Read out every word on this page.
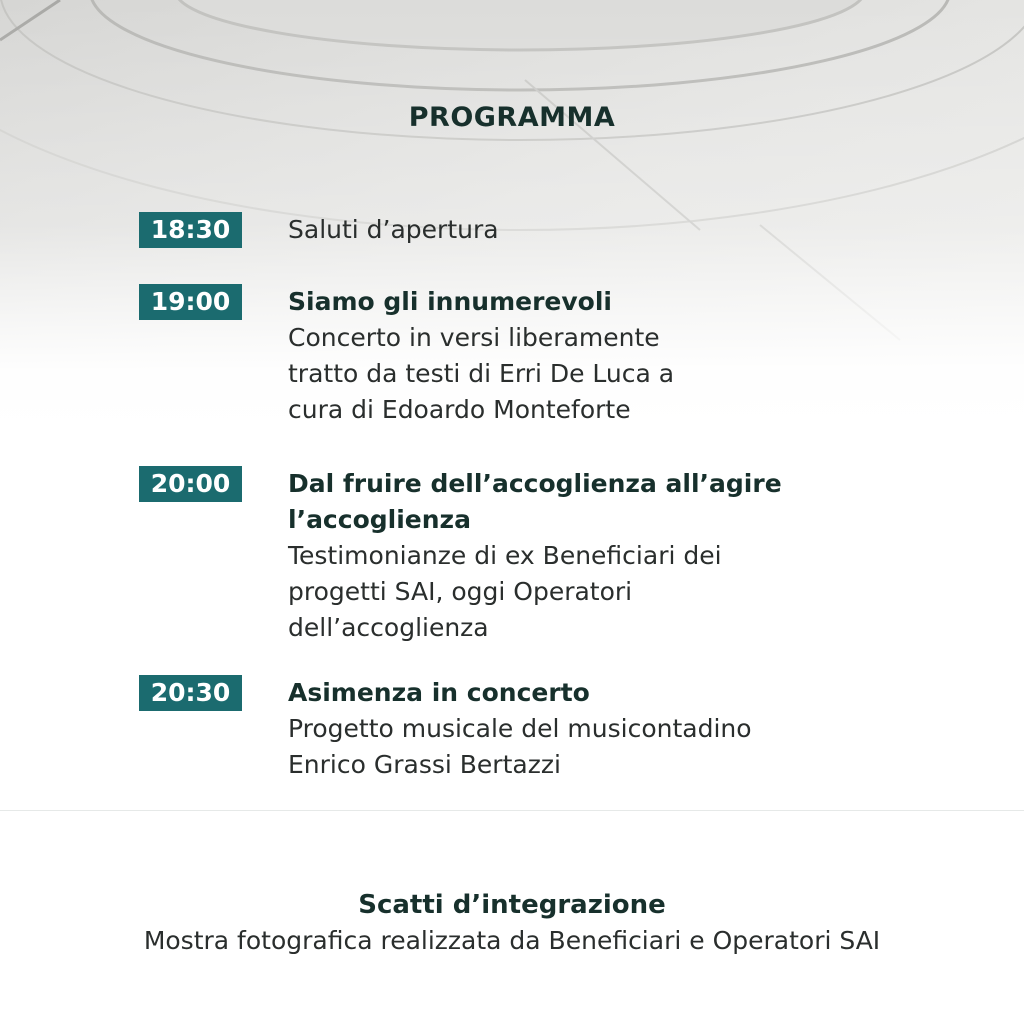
PROGRAMMA
18:30	Saluti d’apertura
19:00	Siamo gli innumerevoli
Concerto in versi liberamente
tratto da testi di Erri De Luca a
cura di Edoardo Monteforte
20:00	Dal fruire dell’accoglienza all’agire
l’accoglienza
Testimonianze di ex Beneficiari dei
progetti SAI, oggi Operatori
dell’accoglienza
20:30	Asimenza in concerto
Progetto musicale del musicontadino
Enrico Grassi Bertazzi
Scatti d’integrazione
Mostra fotografica realizzata da Beneficiari e Operatori SAI
